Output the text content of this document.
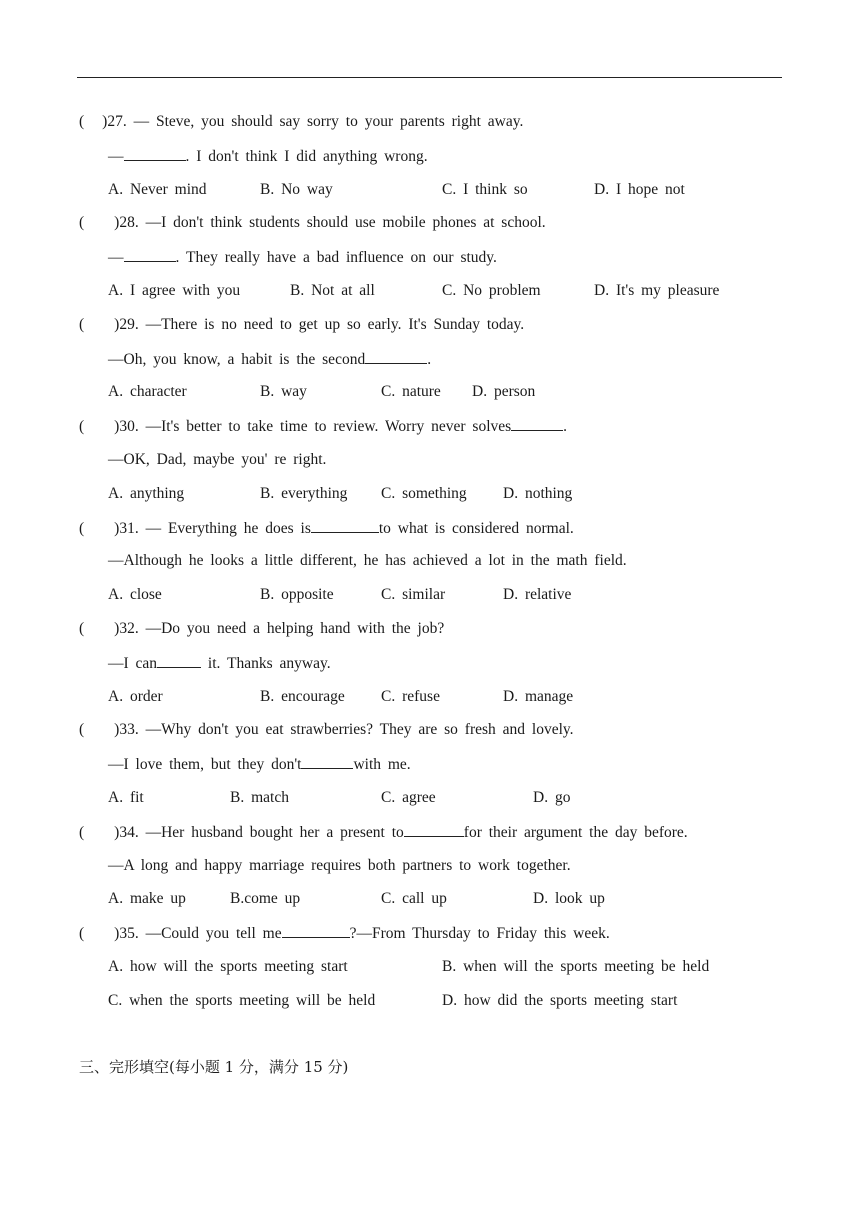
( )27. — Steve, you should say sorry to your parents right away.
—	. I don't think I did anything wrong.
A. Never mind	B. No way	C. I think so	D. I hope not
( )28. —I don't think students should use mobile phones at school.
—	. They really have a bad influence on our study.
A. I agree with you	B. Not at all	C. No problem	D. It's my pleasure
( )29. —There is no need to get up so early. It's Sunday today.
—Oh, you know, a habit is the second	.
A. character	B. way	C. nature D. person
( )30. —It's better to take time to review. Worry never solves	.
—OK, Dad, maybe you' re right.
A. anything	B. everything C. something D. nothing
( )31. — Everything he does is	to what is considered normal.
—Although he looks a little different, he has achieved a lot in the math field.
A. close	B. opposite	C. similar	D. relative
( )32. —Do you need a helping hand with the job?
—I can	it. Thanks anyway.
A. order	B. encourage C. refuse	D. manage
( )33. —Why don't you eat strawberries? They are so fresh and lovely.
—I love them, but they don't	with me.
A. fit	B. match	C. agree	D. go
( )34. —Her husband bought her a present to	for their argument the day before.
—A long and happy marriage requires both partners to work together.
A. make up	B.come up	C. call up	D. look up
( )35. —Could you tell me	?—From Thursday to Friday this week.
A. how will the sports meeting start	B. when will the sports meeting be held
C. when the sports meeting will be held	D. how did the sports meeting start
三、完形填空(每小题 1 分，满分 15 分)
